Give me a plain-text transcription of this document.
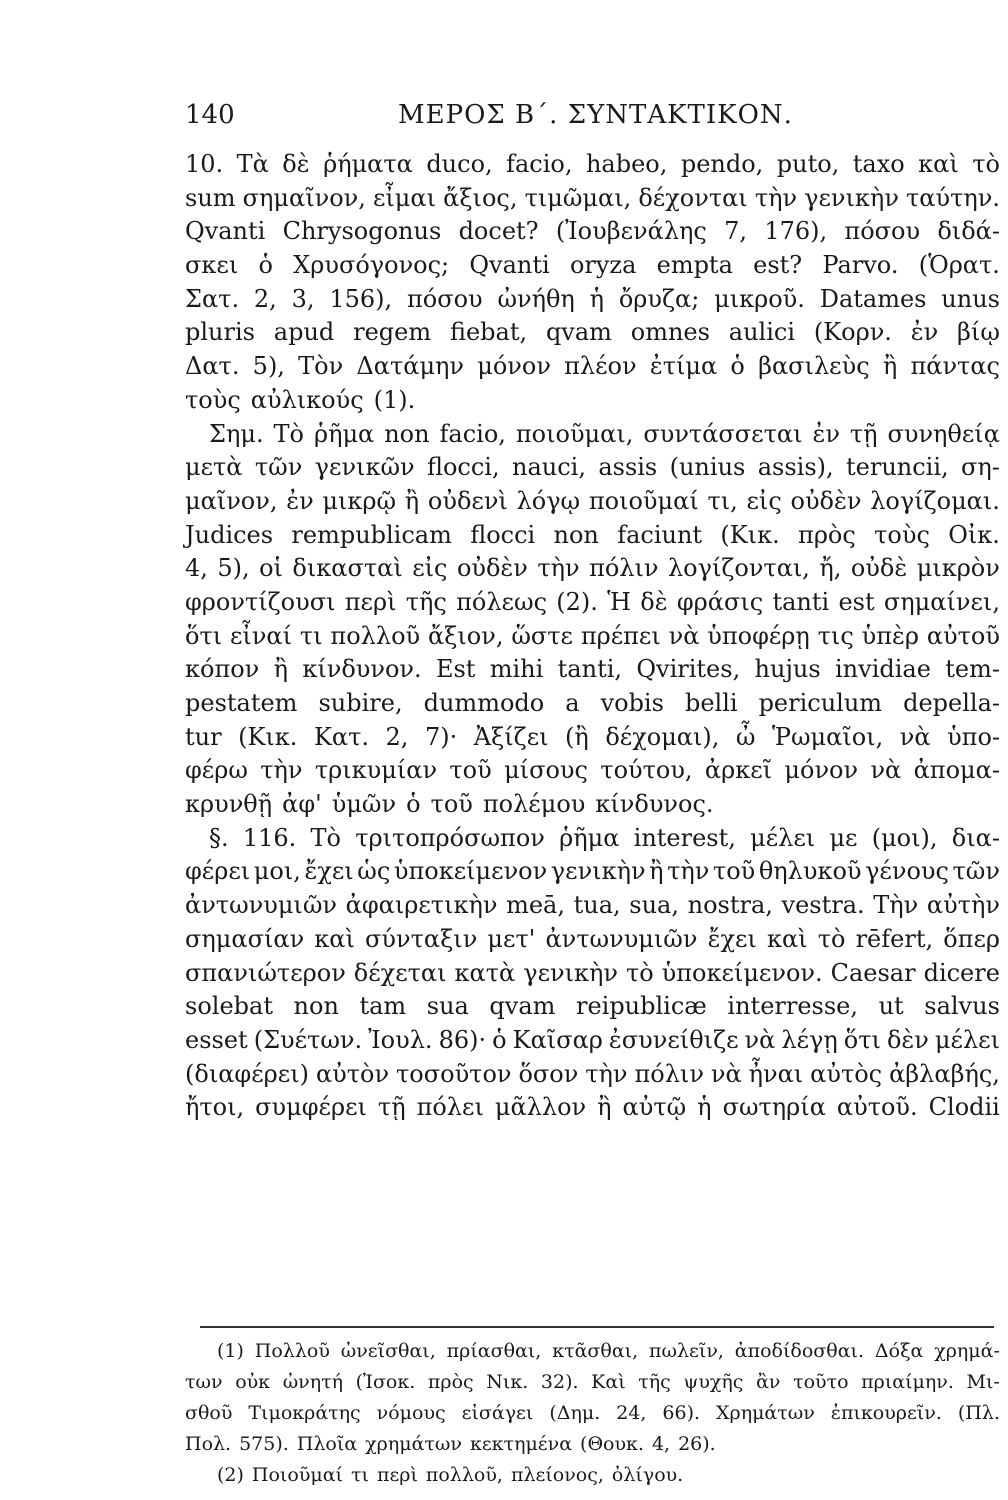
140	ΜΕΡΟΣ Β΄. ΣΥΝΤΑΚΤΙΚΟΝ.
10. Τὰ δὲ ῥήματα duco, facio, habeo, pendo, puto, taxo καὶ τὸ
sum σημαῖνον, εἶμαι ἄξιος, τιμῶμαι, δέχονται τὴν γενικὴν ταύτην.
Qvanti Chrysogonus docet? (Ἰουβενάλης 7, 176), πόσου διδά-
σκει ὁ Χρυσόγονος; Qvanti oryza empta est? Parvo. (Ὁρατ.
Σατ. 2, 3, 156), πόσου ὠνήθη ἡ ὄρυζα; μικροῦ. Datames unus
pluris apud regem fiebat, qvam omnes aulici (Κορν. ἐν βίῳ
Δατ. 5), Τὸν Δατάμην μόνον πλέον ἐτίμα ὁ βασιλεὺς ἢ πάντας
τοὺς αὐλικούς (1).
Σημ. Τὸ ῥῆμα non facio, ποιοῦμαι, συντάσσεται ἐν τῇ συνηθείᾳ
μετὰ τῶν γενικῶν flocci, nauci, assis (unius assis), teruncii, ση-
μαῖνον, ἐν μικρῷ ἢ οὐδενὶ λόγῳ ποιοῦμαί τι, εἰς οὐδὲν λογίζομαι.
Judices rempublicam flocci non faciunt (Κικ. πρὸς τοὺς Οἰκ.
4, 5), οἱ δικασταὶ εἰς οὐδὲν τὴν πόλιν λογίζονται, ἤ, οὐδὲ μικρὸν
φροντίζουσι περὶ τῆς πόλεως (2). Ἡ δὲ φράσις tanti est σημαίνει,
ὅτι εἶναί τι πολλοῦ ἄξιον, ὥστε πρέπει νὰ ὑποφέρῃ τις ὑπὲρ αὐτοῦ
κόπον ἢ κίνδυνον. Est mihi tanti, Qvirites, hujus invidiae tem-
pestatem subire, dummodo a vobis belli periculum depella-
tur (Κικ. Κατ. 2, 7)· Ἀξίζει (ἢ δέχομαι), ὦ Ῥωμαῖοι, νὰ ὑπο-
φέρω τὴν τρικυμίαν τοῦ μίσους τούτου, ἀρκεῖ μόνον νὰ ἀπομα-
κρυνθῇ ἀφ' ὑμῶν ὁ τοῦ πολέμου κίνδυνος.
§. 116. Τὸ τριτοπρόσωπον ῥῆμα interest, μέλει με (μοι), δια-
φέρει μοι, ἔχει ὡς ὑποκείμενον γενικὴν ἢ τὴν τοῦ θηλυκοῦ γένους τῶν
ἀντωνυμιῶν ἀφαιρετικὴν meā, tua, sua, nostra, vestra. Τὴν αὐτὴν
σημασίαν καὶ σύνταξιν μετ' ἀντωνυμιῶν ἔχει καὶ τὸ rēfert, ὅπερ
σπανιώτερον δέχεται κατὰ γενικὴν τὸ ὑποκείμενον. Caesar dicere
solebat non tam sua qvam reipublicæ interresse, ut salvus
esset (Συέτων. Ἰουλ. 86)· ὁ Καῖσαρ ἐσυνείθιζε νὰ λέγῃ ὅτι δὲν μέλει
(διαφέρει) αὐτὸν τοσοῦτον ὅσον τὴν πόλιν νὰ ἦναι αὐτὸς ἀβλαβής,
ἤτοι, συμφέρει τῇ πόλει μᾶλλον ἢ αὐτῷ ἡ σωτηρία αὐτοῦ. Clodii
(1) Πολλοῦ ὠνεῖσθαι, πρίασθαι, κτᾶσθαι, πωλεῖν, ἀποδίδοσθαι. Δόξα χρημά-
των οὐκ ὠνητή (Ἰσοκ. πρὸς Νικ. 32). Καὶ τῆς ψυχῆς ἂν τοῦτο πριαίμην. Μι-
σθοῦ Τιμοκράτης νόμους εἰσάγει (Δημ. 24, 66). Χρημάτων ἐπικουρεῖν. (Πλ.
Πολ. 575). Πλοῖα χρημάτων κεκτημένα (Θουκ. 4, 26).
(2) Ποιοῦμαί τι περὶ πολλοῦ, πλείονος, ὀλίγου.
